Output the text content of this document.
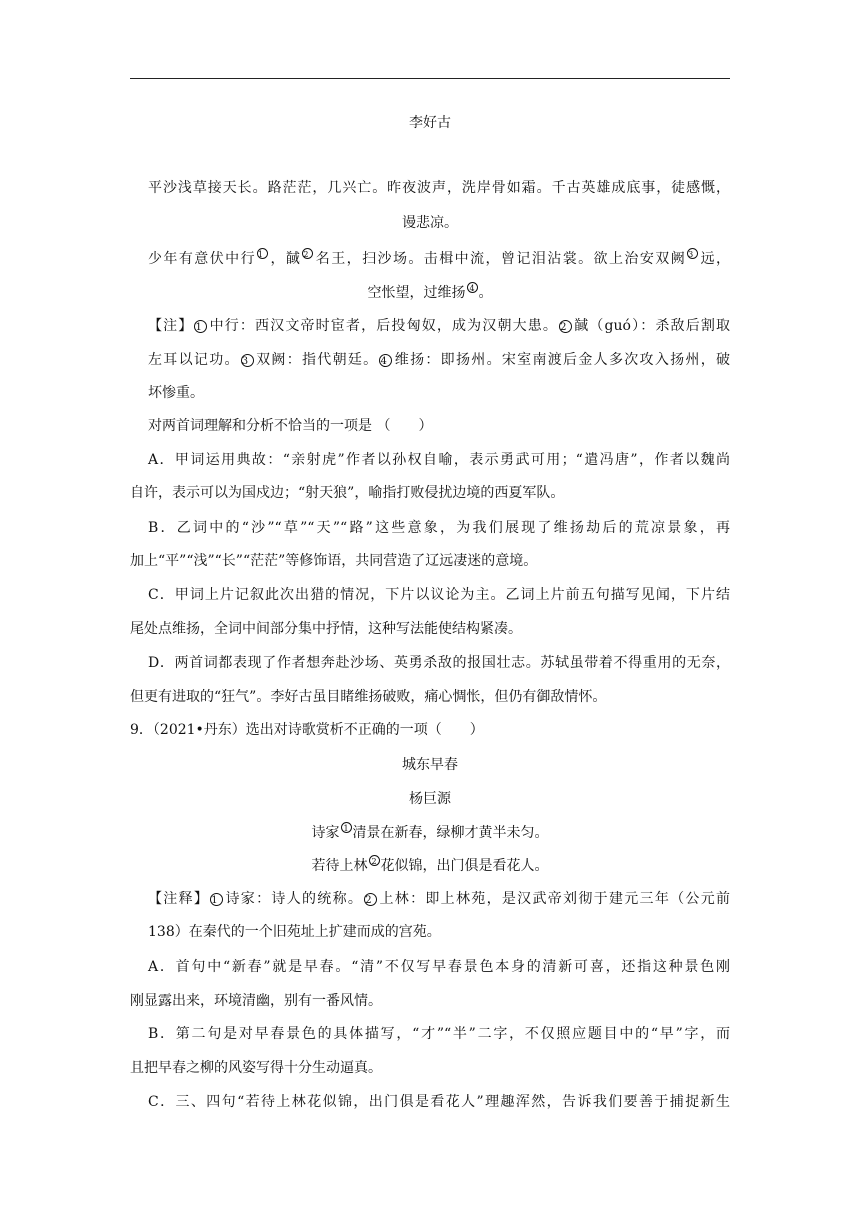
李好古
平沙浅草接天长。路茫茫，几兴亡。昨夜波声，洗岸骨如霜。千古英雄成底事，徒感慨，
谩悲凉。
少年有意伏中行 $^1$ ，馘 $^2$ 名王，扫沙场。击楫中流，曾记泪沾裳。欲上治安双阙 $^3$ 远，
空怅望，过维扬 $^4$ 。
【注】 1 中行：西汉文帝时宦者，后投匈奴，成为汉朝大患。 2 馘（guó）：杀敌后割取
左耳以记功。 3 双阙：指代朝廷。 4 维扬：即扬州。宋室南渡后金人多次攻入扬州，破
坏惨重。
对两首词理解和分析不恰当的一项是 （　　）
A．甲词运用典故：“亲射虎”作者以孙权自喻，表示勇武可用；“遣冯唐”，作者以魏尚
自许，表示可以为国戍边；“射天狼”，喻指打败侵扰边境的西夏军队。
B．乙词中的“沙”“草”“天”“路”这些意象，为我们展现了维扬劫后的荒凉景象，再
加上“平”“浅”“长”“茫茫”等修饰语，共同营造了辽远凄迷的意境。
C．甲词上片记叙此次出猎的情况，下片以议论为主。乙词上片前五句描写见闻，下片结
尾处点维扬，全词中间部分集中抒情，这种写法能使结构紧凑。
D．两首词都表现了作者想奔赴沙场、英勇杀敌的报国壮志。苏轼虽带着不得重用的无奈，
但更有进取的“狂气”。李好古虽目睹维扬破败，痛心惆怅，但仍有御敌情怀。
9．（2021•丹东）选出对诗歌赏析不正确的一项（　　）
城东早春
杨巨源
诗家 $^1$ 清景在新春，绿柳才黄半未匀。
若待上林 $^2$ 花似锦，出门俱是看花人。
【注释】 1 诗家：诗人的统称。 2 上林：即上林苑，是汉武帝刘彻于建元三年（公元前
138）在秦代的一个旧苑址上扩建而成的宫苑。
A．首句中“新春”就是早春。“清”不仅写早春景色本身的清新可喜，还指这种景色刚
刚显露出来，环境清幽，别有一番风情。
B．第二句是对早春景色的具体描写，“才”“半”二字，不仅照应题目中的“早”字，而
且把早春之柳的风姿写得十分生动逼真。
C．三、四句“若待上林花似锦，出门俱是看花人”理趣浑然，告诉我们要善于捕捉新生
